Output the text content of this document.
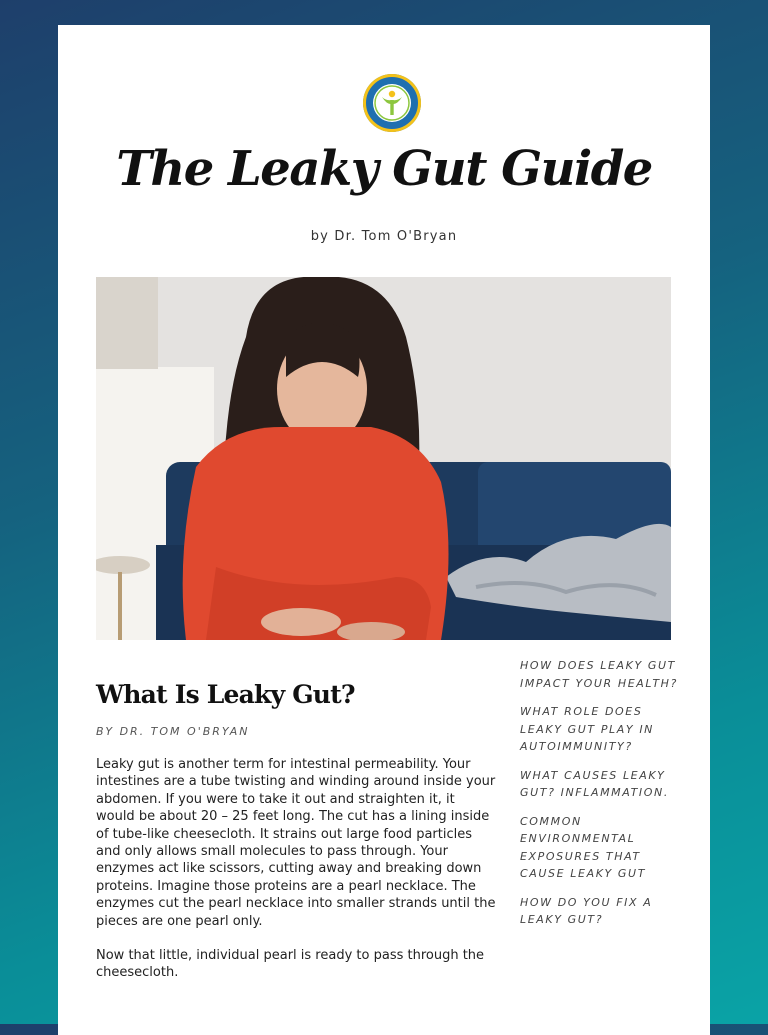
The Leaky Gut Guide
by Dr. Tom O'Bryan
What Is Leaky Gut?
BY DR. TOM O'BRYAN

Leaky gut is another term for intestinal permeability. Your intestines are a tube twisting and winding around inside your abdomen. If you were to take it out and straighten it, it would be about 20 – 25 feet long. The cut has a lining inside of tube-like cheesecloth. It strains out large food particles and only allows small molecules to pass through. Your enzymes act like scissors, cutting away and breaking down proteins. Imagine those proteins are a pearl necklace. The enzymes cut the pearl necklace into smaller strands until the pieces are one pearl only.

Now that little, individual pearl is ready to pass through the cheesecloth.

HOW DOES LEAKY GUT IMPACT YOUR HEALTH?
WHAT ROLE DOES LEAKY GUT PLAY IN AUTOIMMUNITY?
WHAT CAUSES LEAKY GUT? INFLAMMATION.
COMMON ENVIRONMENTAL EXPOSURES THAT CAUSE LEAKY GUT
HOW DO YOU FIX A LEAKY GUT?
